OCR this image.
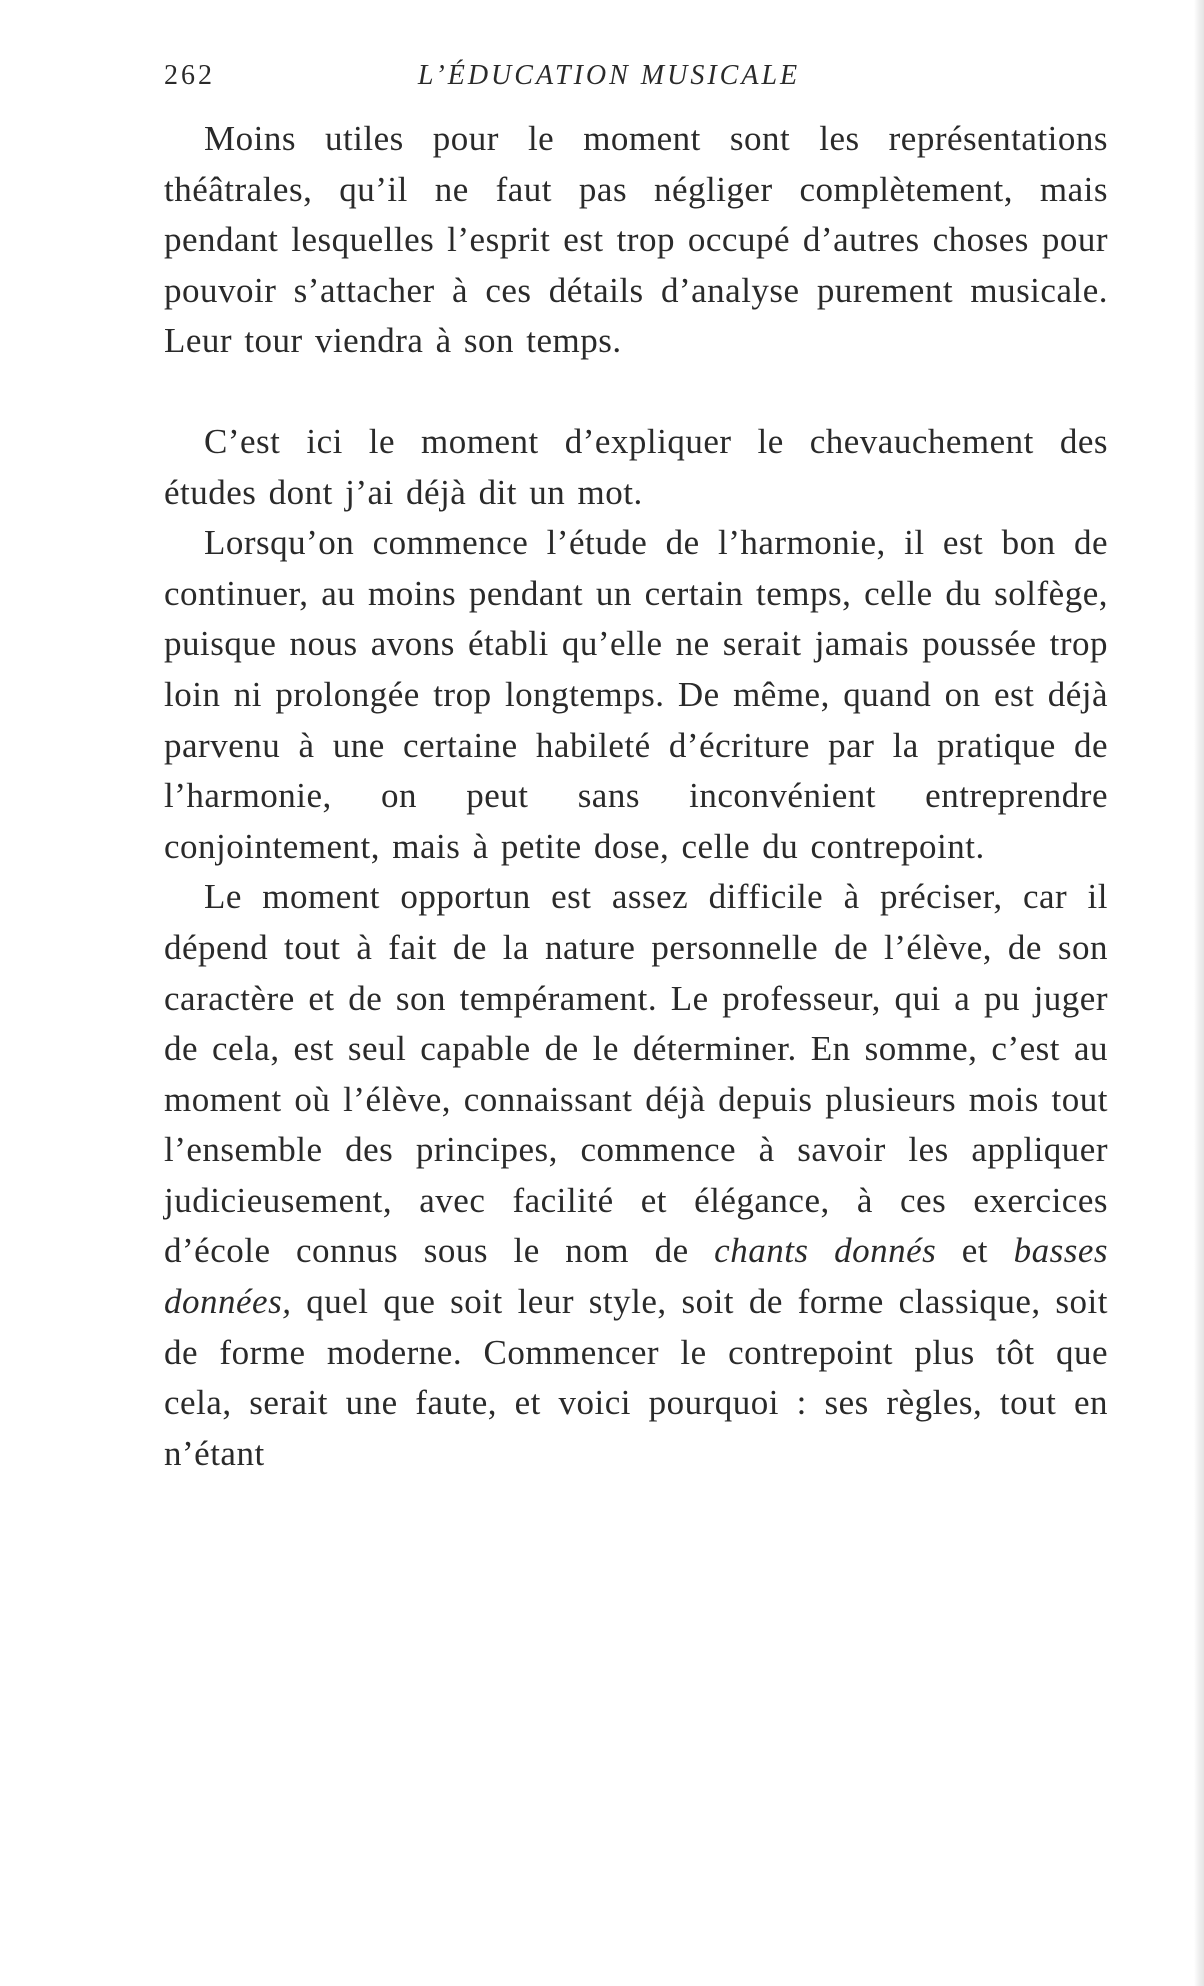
262	L’ÉDUCATION MUSICALE

Moins utiles pour le moment sont les représentations théâtrales, qu’il ne faut pas négliger complètement, mais pendant lesquelles l’esprit est trop occupé d’autres choses pour pouvoir s’attacher à ces détails d’analyse purement musicale. Leur tour viendra à son temps.

C’est ici le moment d’expliquer le chevauchement des études dont j’ai déjà dit un mot.

Lorsqu’on commence l’étude de l’harmonie, il est bon de continuer, au moins pendant un certain temps, celle du solfège, puisque nous avons établi qu’elle ne serait jamais poussée trop loin ni prolongée trop longtemps. De même, quand on est déjà parvenu à une certaine habileté d’écriture par la pratique de l’harmonie, on peut sans inconvénient entreprendre conjointement, mais à petite dose, celle du contrepoint.

Le moment opportun est assez difficile à préciser, car il dépend tout à fait de la nature personnelle de l’élève, de son caractère et de son tempérament. Le professeur, qui a pu juger de cela, est seul capable de le déterminer. En somme, c’est au moment où l’élève, connaissant déjà depuis plusieurs mois tout l’ensemble des principes, commence à savoir les appliquer judicieusement, avec facilité et élégance, à ces exercices d’école connus sous le nom de chants donnés et basses données, quel que soit leur style, soit de forme classique, soit de forme moderne. Commencer le contrepoint plus tôt que cela, serait une faute, et voici pourquoi : ses règles, tout en n’étant
